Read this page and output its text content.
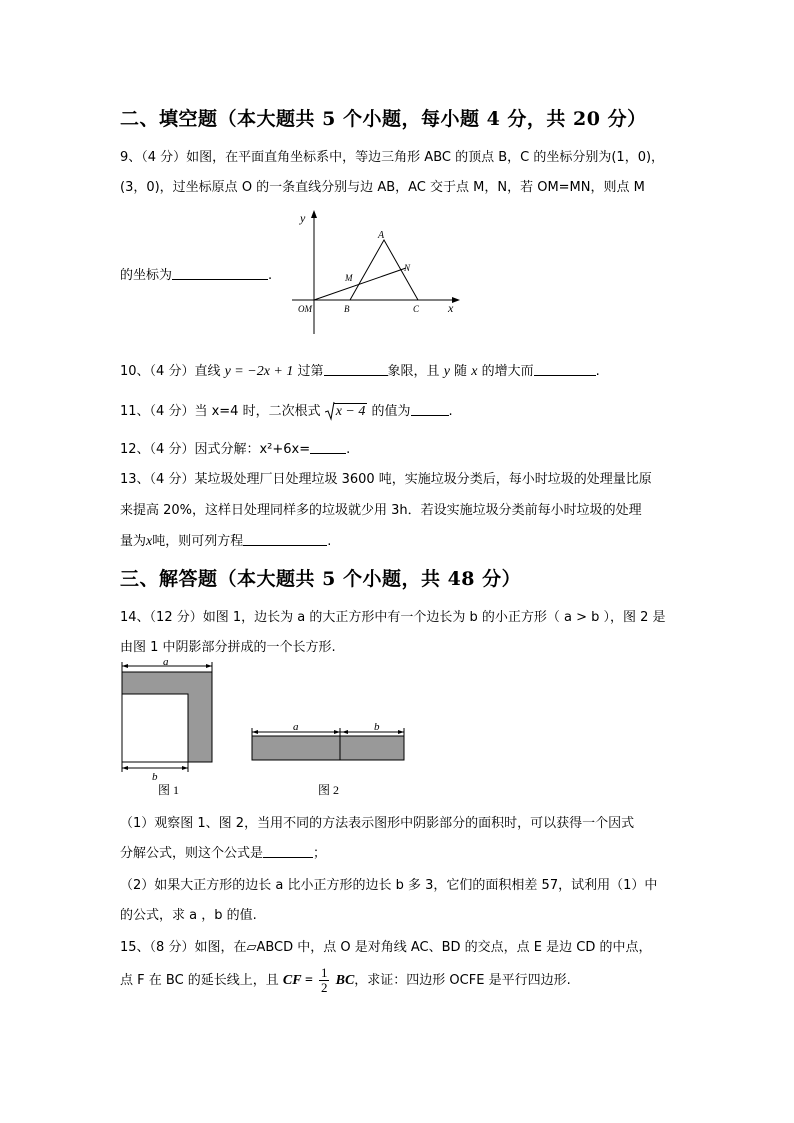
二、填空题（本大题共 5 个小题，每小题 4 分，共 20 分）
9、（4 分）如图，在平面直角坐标系中，等边三角形 ABC 的顶点 B，C 的坐标分别为(1，0)，
(3，0)，过坐标原点 O 的一条直线分别与边 AB，AC 交于点 M，N，若 OM=MN，则点 M
的坐标为	.
y
x
A
N
M
OM	B	C
10、（4 分）直线 y = −2x + 1 过第	象限，且 y 随 x 的增大而	.
11、（4 分）当 x=4 时，二次根式 x − 4 的值为	.
12、（4 分）因式分解：x²+6x=	.
13、（4 分）某垃圾处理厂日处理垃圾 3600 吨，实施垃圾分类后，每小时垃圾的处理量比原
来提高 20%，这样日处理同样多的垃圾就少用 3h．若设实施垃圾分类前每小时垃圾的处理
量为x吨，则可列方程	.
三、解答题（本大题共 5 个小题，共 48 分）
14、（12 分）如图 1，边长为 a 的大正方形中有一个边长为 b 的小正方形（ a > b ），图 2 是
由图 1 中阴影部分拼成的一个长方形.
a
b
图 1
a	b
图 2
（1）观察图 1、图 2，当用不同的方法表示图形中阴影部分的面积时，可以获得一个因式
分解公式，则这个公式是	；
（2）如果大正方形的边长 a 比小正方形的边长 b 多 3，它们的面积相差 57，试利用（1）中
的公式，求 a ，b 的值.
15、（8 分）如图，在▱ABCD 中，点 O 是对角线 AC、BD 的交点，点 E 是边 CD 的中点，
点 F 在 BC 的延长线上，且 CF = $\frac{1}{2}$ BC，求证：四边形 OCFE 是平行四边形.
